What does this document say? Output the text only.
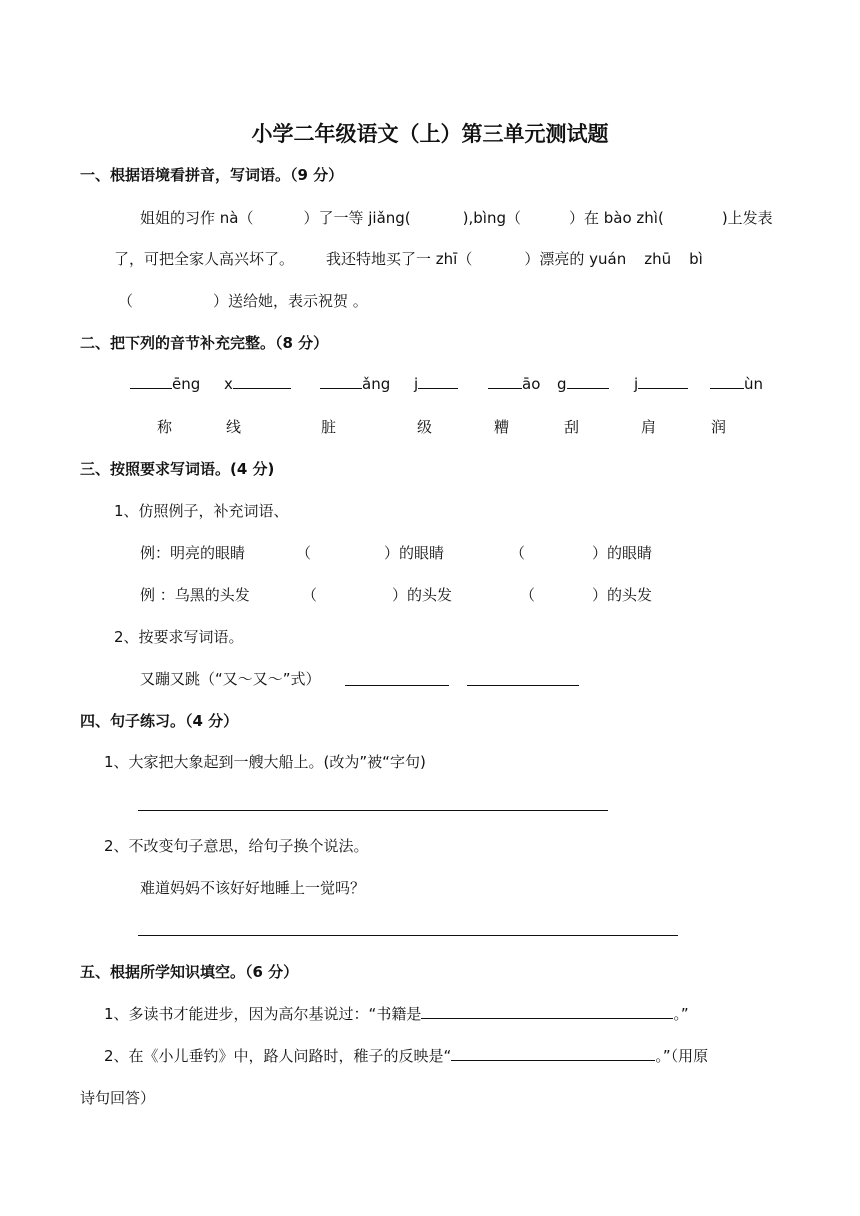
小学二年级语文（上）第三单元测试题
一、根据语境看拼音，写词语。（9 分）
姐姐的习作 nà（	）了一等 jiǎng(	),bìng（	）在 bào zhì(	)上发表
了，可把全家人高兴坏了。 我还特地买了一 zhī（	）漂亮的 yuán zhū bì
（	）送给她，表示祝贺 。
二、把下列的音节补充完整。（8 分）
ēng x	ǎng j	āo g	j	ùn
称	线	脏	级	糟	刮	肩	润
三、按照要求写词语。(4 分)
1、仿照例子，补充词语、
例：明亮的眼睛	（	）的眼睛	（	）的眼睛
例 ：乌黑的头发	（	）的头发	（	）的头发
2、按要求写词语。
又蹦又跳（“又～又～”式）
四、句子练习。（4 分）
1、大家把大象起到一艘大船上。(改为”被“字句)
2、不改变句子意思，给句子换个说法。
难道妈妈不该好好地睡上一觉吗？
五、根据所学知识填空。（6 分）
1、多读书才能进步，因为高尔基说过：“书籍是	。”
2、在《小儿垂钓》中，路人问路时，稚子的反映是“	。”（用原
诗句回答）
